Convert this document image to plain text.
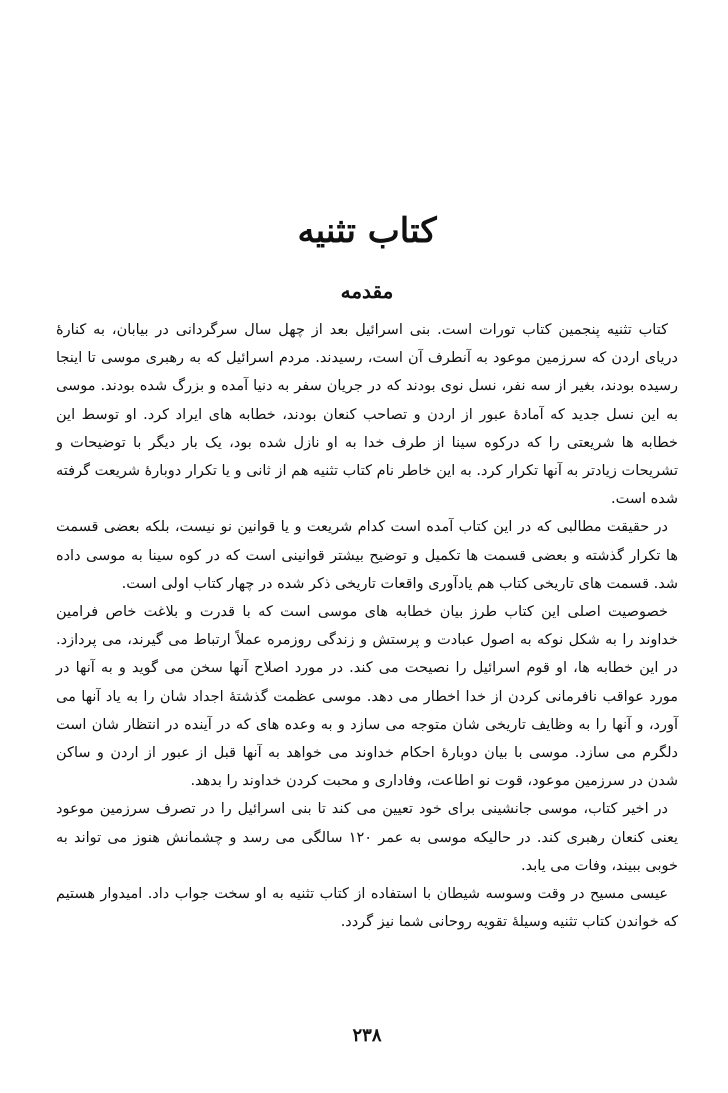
کتاب تثنیه
مقدمه

کتاب تثنیه پنجمین کتاب تورات است. بنی اسرائیل بعد از چهل سال سرگردانی در بیابان، به کنارهٔ دریای اردن که سرزمین موعود به آنطرف آن است، رسیدند. مردم اسرائیل که به رهبری موسی تا اینجا رسیده بودند، بغیر از سه نفر، نسل نوی بودند که در جریان سفر به دنیا آمده و بزرگ شده بودند. موسی به این نسل جدید که آمادهٔ عبور از اردن و تصاحب کنعان بودند، خطابه های ایراد کرد. او توسط این خطابه ها شریعتی را که درکوه سینا از طرف خدا به او نازل شده بود، یک بار دیگر با توضیحات و تشریحات زیادتر به آنها تکرار کرد. به این خاطر نام کتاب تثنیه هم از ثانی و یا تکرار دوبارهٔ شریعت گرفته شده است.

در حقیقت مطالبی که در این کتاب آمده است کدام شریعت و یا قوانین نو نیست، بلکه بعضی قسمت ها تکرار گذشته و بعضی قسمت ها تکمیل و توضیح بیشتر قوانینی است که در کوه سینا به موسی داده شد. قسمت های تاریخی کتاب هم یادآوری واقعات تاریخی ذکر شده در چهار کتاب اولی است.

خصوصیت اصلی این کتاب طرز بیان خطابه های موسی است که با قدرت و بلاغت خاص فرامین خداوند را به شکل نوکه به اصول عبادت و پرستش و زندگی روزمره عملاً ارتباط می گیرند، می پردازد. در این خطابه ها، او قوم اسرائیل را نصیحت می کند. در مورد اصلاح آنها سخن می گوید و به آنها در مورد عواقب نافرمانی کردن از خدا اخطار می دهد. موسی عظمت گذشتهٔ اجداد شان را به یاد آنها می آورد، و آنها را به وظایف تاریخی شان متوجه می سازد و به وعده های که در آینده در انتظار شان است دلگرم می سازد. موسی با بیان دوبارهٔ احکام خداوند می خواهد به آنها قبل از عبور از اردن و ساکن شدن در سرزمین موعود، قوت نو اطاعت، وفاداری و محبت کردن خداوند را بدهد.

در اخیر کتاب، موسی جانشینی برای خود تعیین می کند تا بنی اسرائیل را در تصرف سرزمین موعود یعنی کنعان رهبری کند. در حالیکه موسی به عمر ۱۲۰ سالگی می رسد و چشمانش هنوز می تواند به خوبی ببیند، وفات می یابد.

عیسی مسیح در وقت وسوسه شیطان با استفاده از کتاب تثنیه به او سخت جواب داد. امیدوار هستیم که خواندن کتاب تثنیه وسیلهٔ تقویه روحانی شما نیز گردد.

۲۳۸
